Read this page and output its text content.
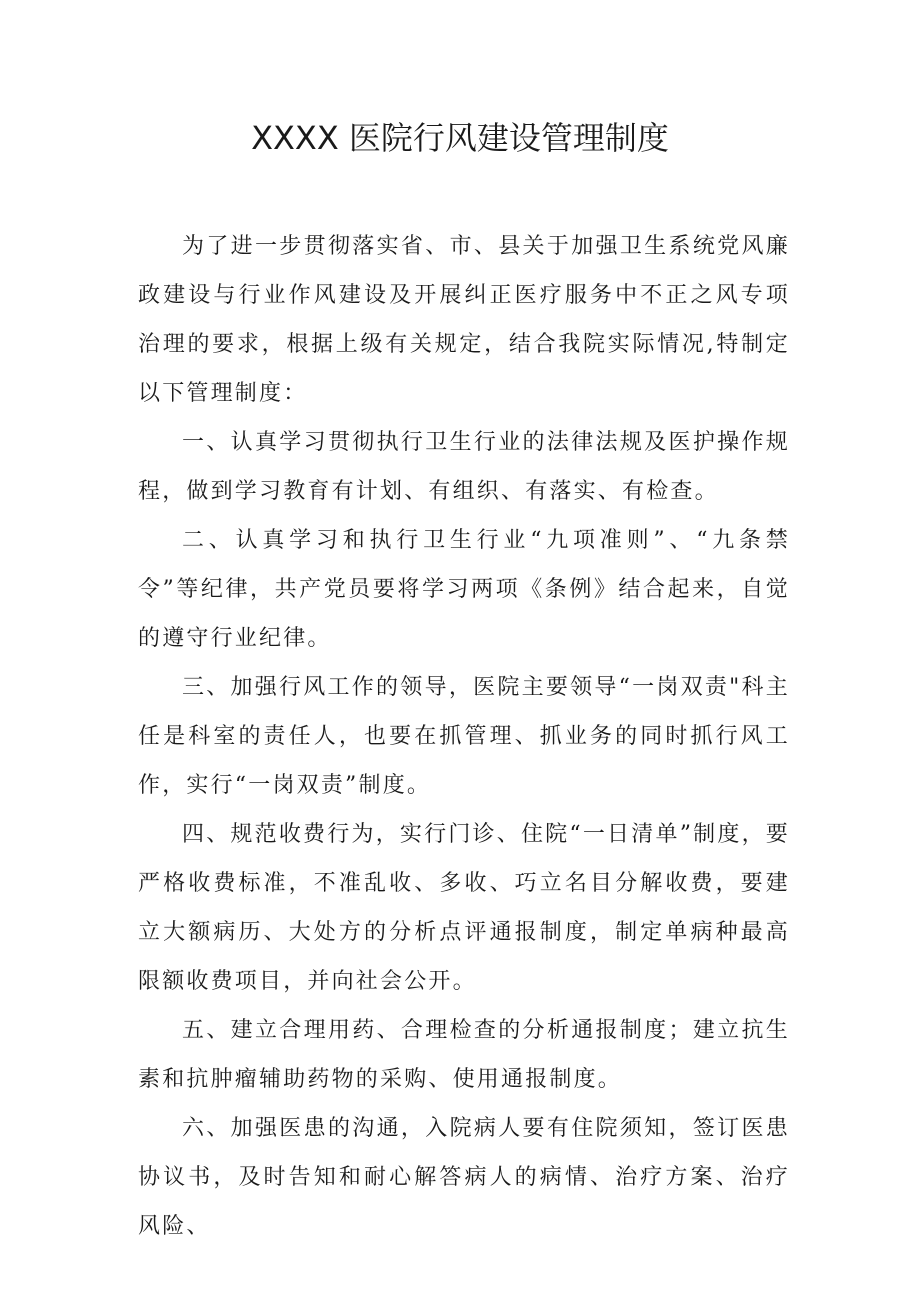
XXXX 医院行风建设管理制度

为了进一步贯彻落实省、市、县关于加强卫生系统党风廉政建设与行业作风建设及开展纠正医疗服务中不正之风专项治理的要求，根据上级有关规定，结合我院实际情况,特制定以下管理制度：

一、认真学习贯彻执行卫生行业的法律法规及医护操作规程，做到学习教育有计划、有组织、有落实、有检查。

二、认真学习和执行卫生行业“九项准则”、“九条禁令”等纪律，共产党员要将学习两项《条例》结合起来，自觉的遵守行业纪律。

三、加强行风工作的领导，医院主要领导“一岗双责"科主任是科室的责任人，也要在抓管理、抓业务的同时抓行风工作，实行“一岗双责”制度。

四、规范收费行为，实行门诊、住院“一日清单”制度，要严格收费标准，不准乱收、多收、巧立名目分解收费，要建立大额病历、大处方的分析点评通报制度，制定单病种最高限额收费项目，并向社会公开。

五、建立合理用药、合理检查的分析通报制度；建立抗生素和抗肿瘤辅助药物的采购、使用通报制度。

六、加强医患的沟通，入院病人要有住院须知，签订医患协议书，及时告知和耐心解答病人的病情、治疗方案、治疗风险、
